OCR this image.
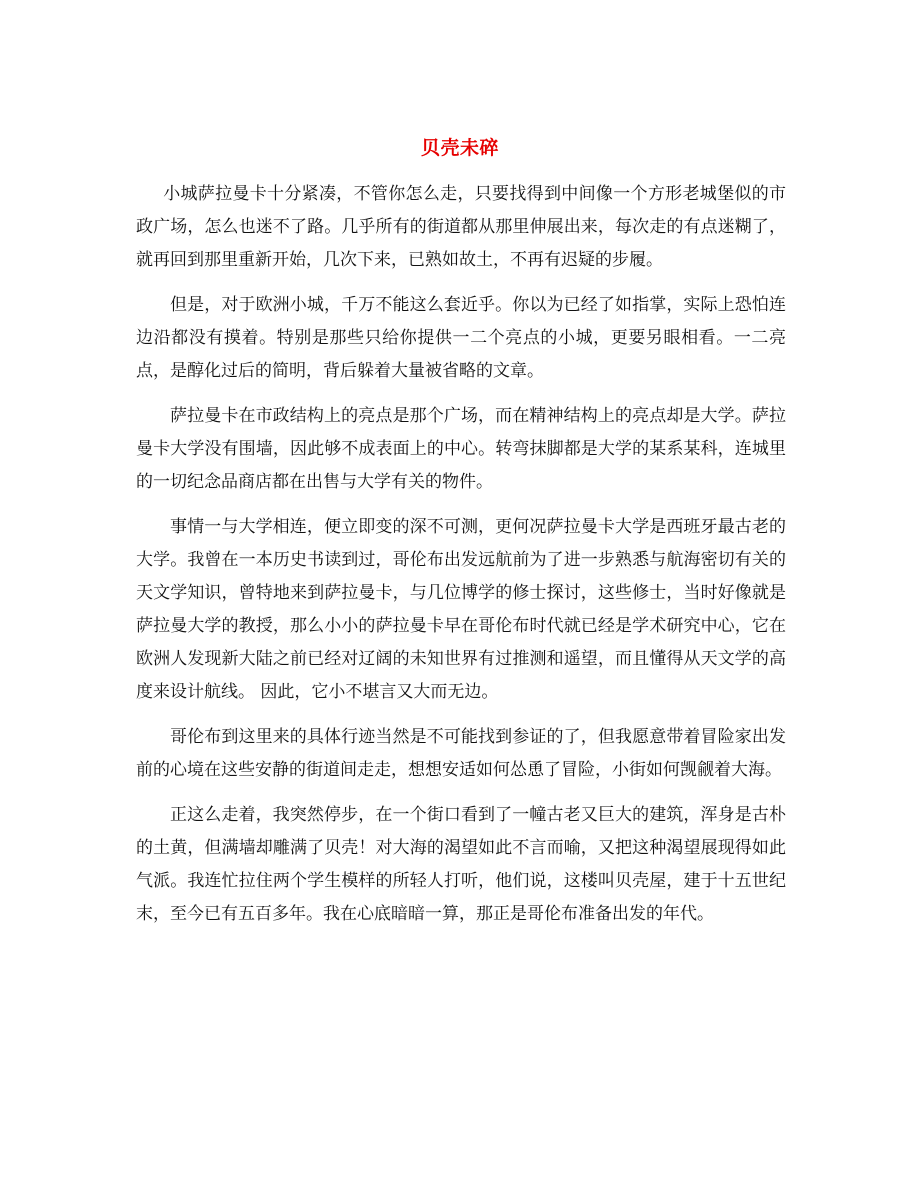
贝壳未碎

小城萨拉曼卡十分紧凑，不管你怎么走，只要找得到中间像一个方形老城堡似的市政广场，怎么也迷不了路。几乎所有的街道都从那里伸展出来，每次走的有点迷糊了，就再回到那里重新开始，几次下来，已熟如故土，不再有迟疑的步履。

但是，对于欧洲小城，千万不能这么套近乎。你以为已经了如指掌，实际上恐怕连边沿都没有摸着。特别是那些只给你提供一二个亮点的小城，更要另眼相看。一二亮点，是醇化过后的简明，背后躲着大量被省略的文章。

萨拉曼卡在市政结构上的亮点是那个广场，而在精神结构上的亮点却是大学。萨拉曼卡大学没有围墙，因此够不成表面上的中心。转弯抹脚都是大学的某系某科，连城里的一切纪念品商店都在出售与大学有关的物件。

事情一与大学相连，便立即变的深不可测，更何况萨拉曼卡大学是西班牙最古老的大学。我曾在一本历史书读到过，哥伦布出发远航前为了进一步熟悉与航海密切有关的天文学知识，曾特地来到萨拉曼卡，与几位博学的修士探讨，这些修士，当时好像就是萨拉曼大学的教授，那么小小的萨拉曼卡早在哥伦布时代就已经是学术研究中心，它在欧洲人发现新大陆之前已经对辽阔的未知世界有过推测和遥望，而且懂得从天文学的高度来设计航线。 因此，它小不堪言又大而无边。

哥伦布到这里来的具体行迹当然是不可能找到参证的了，但我愿意带着冒险家出发前的心境在这些安静的街道间走走，想想安适如何怂恿了冒险，小街如何觊觎着大海。

正这么走着，我突然停步，在一个街口看到了一幢古老又巨大的建筑，浑身是古朴的土黄，但满墙却雕满了贝壳！对大海的渴望如此不言而喻，又把这种渴望展现得如此气派。我连忙拉住两个学生模样的所轻人打听，他们说，这楼叫贝壳屋，建于十五世纪末，至今已有五百多年。我在心底暗暗一算，那正是哥伦布准备出发的年代。
